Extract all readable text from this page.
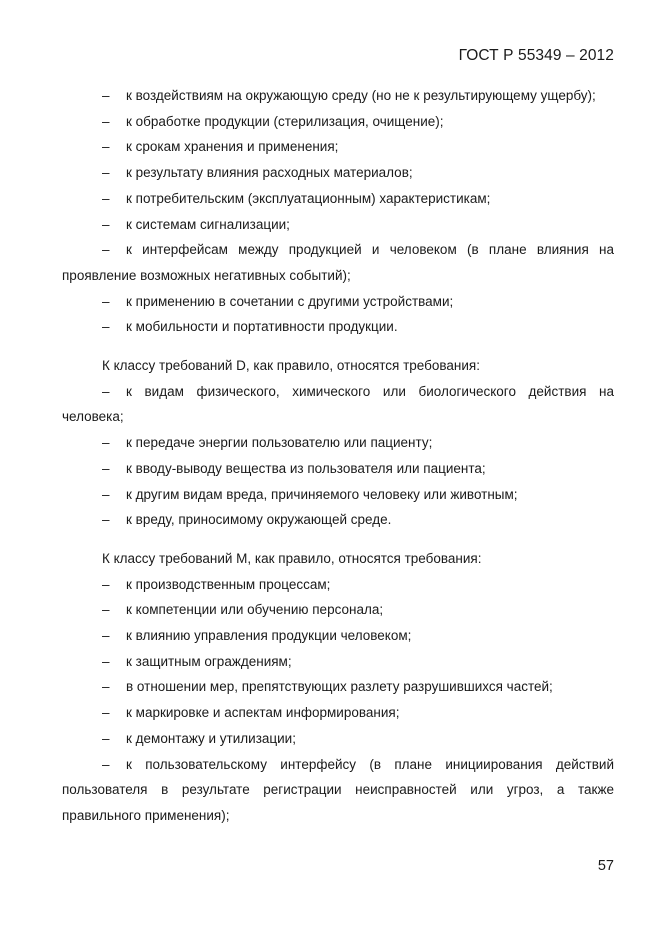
ГОСТ Р 55349 – 2012
– к воздействиям на окружающую среду (но не к результирующему ущербу);
– к обработке продукции (стерилизация, очищение);
– к срокам хранения и применения;
– к результату влияния расходных материалов;
– к потребительским (эксплуатационным) характеристикам;
– к системам сигнализации;
– к интерфейсам между продукцией и человеком (в плане влияния на проявление возможных негативных событий);
– к применению в сочетании с другими устройствами;
– к мобильности и портативности продукции.
К классу требований D, как правило, относятся требования:
– к видам физического, химического или биологического действия на человека;
– к передаче энергии пользователю или пациенту;
– к вводу-выводу вещества из пользователя или пациента;
– к другим видам вреда, причиняемого человеку или животным;
– к вреду, приносимому окружающей среде.
К классу требований M, как правило, относятся требования:
– к производственным процессам;
– к компетенции или обучению персонала;
– к влиянию управления продукции человеком;
– к защитным ограждениям;
– в отношении мер, препятствующих разлету разрушившихся частей;
– к маркировке и аспектам информирования;
– к демонтажу и утилизации;
– к пользовательскому интерфейсу (в плане инициирования действий пользователя в результате регистрации неисправностей или угроз, а также правильного применения);
57
